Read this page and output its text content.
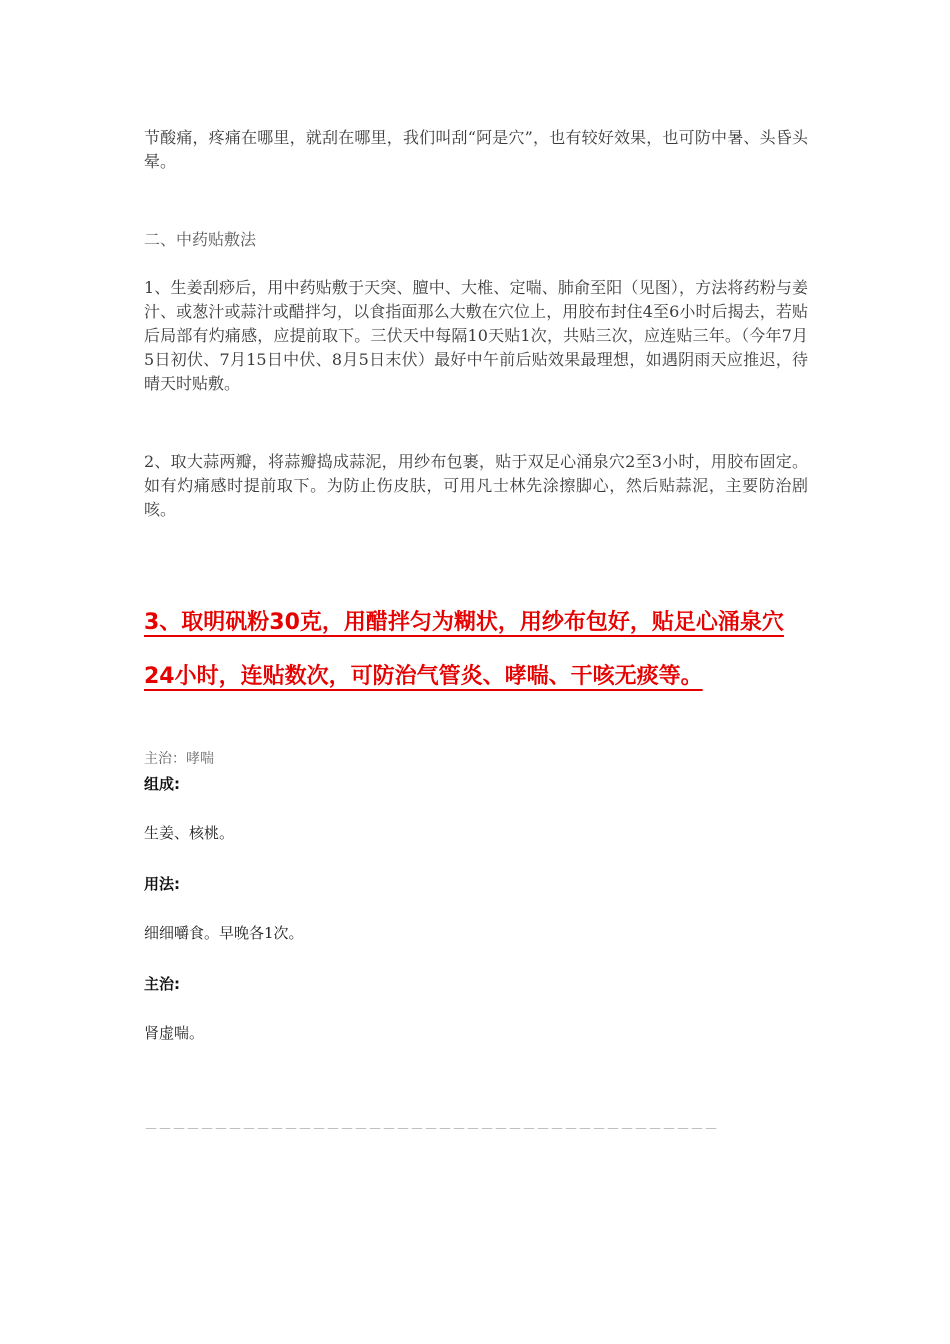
节酸痛，疼痛在哪里，就刮在哪里，我们叫刮“阿是穴”，也有较好效果，也可防中暑、头昏头晕。

二、中药贴敷法

1、生姜刮痧后，用中药贴敷于天突、膻中、大椎、定喘、肺俞至阳（见图），方法将药粉与姜汁、或葱汁或蒜汁或醋拌匀，以食指面那么大敷在穴位上，用胶布封住4至6小时后揭去，若贴后局部有灼痛感，应提前取下。三伏天中每隔10天贴1次，共贴三次，应连贴三年。（今年7月5日初伏、7月15日中伏、8月5日末伏）最好中午前后贴效果最理想，如遇阴雨天应推迟，待晴天时贴敷。

2、取大蒜两瓣，将蒜瓣捣成蒜泥，用纱布包裹，贴于双足心涌泉穴2至3小时，用胶布固定。如有灼痛感时提前取下。为防止伤皮肤，可用凡士林先涂擦脚心，然后贴蒜泥，主要防治剧咳。

3、取明矾粉30克，用醋拌匀为糊状，用纱布包好，贴足心涌泉穴24小时，连贴数次，可防治气管炎、哮喘、干咳无痰等。

主治：哮喘

组成:

生姜、核桃。

用法:

细细嚼食。早晚各1次。

主治:

肾虚喘。

－－－－－－－－－－－－－－－－－－－－－－－－－－－－－－－－－－－－－－－－－
